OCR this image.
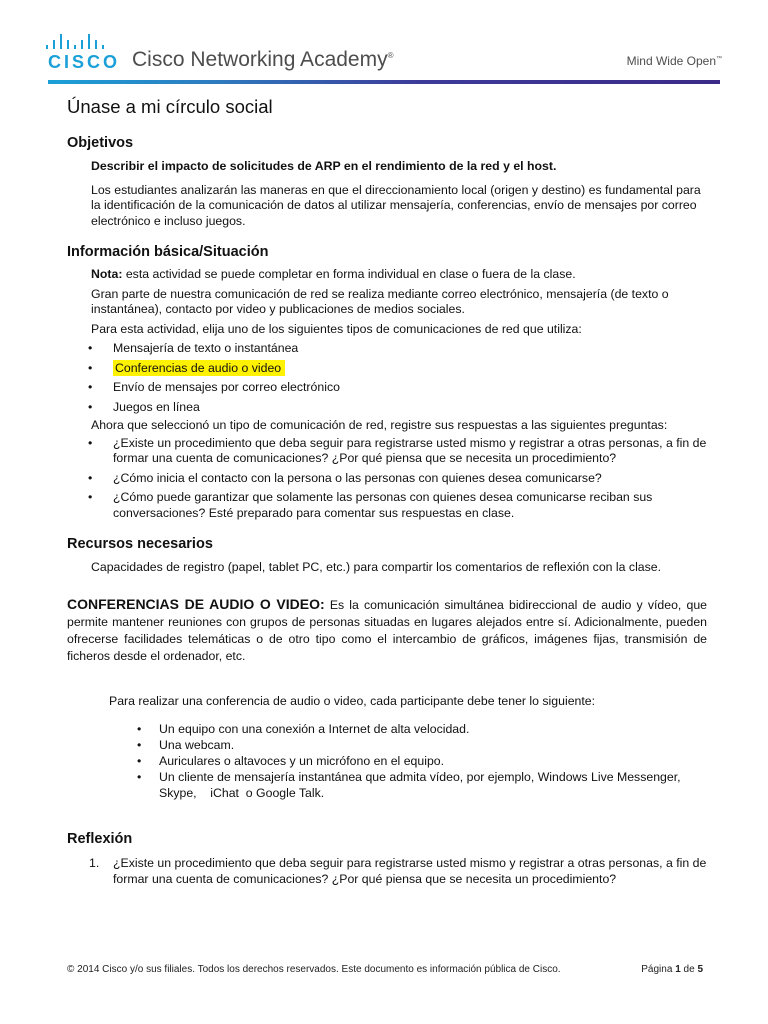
CISCO Cisco Networking Academy®	Mind Wide Open™
Únase a mi círculo social
Objetivos
Describir el impacto de solicitudes de ARP en el rendimiento de la red y el host.
Los estudiantes analizarán las maneras en que el direccionamiento local (origen y destino) es fundamental para la identificación de la comunicación de datos al utilizar mensajería, conferencias, envío de mensajes por correo electrónico e incluso juegos.
Información básica/Situación
Nota: esta actividad se puede completar en forma individual en clase o fuera de la clase.
Gran parte de nuestra comunicación de red se realiza mediante correo electrónico, mensajería (de texto o instantánea), contacto por video y publicaciones de medios sociales.
Para esta actividad, elija uno de los siguientes tipos de comunicaciones de red que utiliza:
• Mensajería de texto o instantánea
• Conferencias de audio o video
• Envío de mensajes por correo electrónico
• Juegos en línea
Ahora que seleccionó un tipo de comunicación de red, registre sus respuestas a las siguientes preguntas:
• ¿Existe un procedimiento que deba seguir para registrarse usted mismo y registrar a otras personas, a fin de formar una cuenta de comunicaciones? ¿Por qué piensa que se necesita un procedimiento?
• ¿Cómo inicia el contacto con la persona o las personas con quienes desea comunicarse?
• ¿Cómo puede garantizar que solamente las personas con quienes desea comunicarse reciban sus conversaciones? Esté preparado para comentar sus respuestas en clase.
Recursos necesarios
Capacidades de registro (papel, tablet PC, etc.) para compartir los comentarios de reflexión con la clase.
CONFERENCIAS DE AUDIO O VIDEO: Es la comunicación simultánea bidireccional de audio y vídeo, que permite mantener reuniones con grupos de personas situadas en lugares alejados entre sí. Adicionalmente, pueden ofrecerse facilidades telemáticas o de otro tipo como el intercambio de gráficos, imágenes fijas, transmisión de ficheros desde el ordenador, etc.
Para realizar una conferencia de audio o video, cada participante debe tener lo siguiente:
• Un equipo con una conexión a Internet de alta velocidad.
• Una webcam.
• Auriculares o altavoces y un micrófono en el equipo.
• Un cliente de mensajería instantánea que admita vídeo, por ejemplo, Windows Live Messenger, Skype,    iChat  o Google Talk.
Reflexión
1. ¿Existe un procedimiento que deba seguir para registrarse usted mismo y registrar a otras personas, a fin de formar una cuenta de comunicaciones? ¿Por qué piensa que se necesita un procedimiento?
© 2014 Cisco y/o sus filiales. Todos los derechos reservados. Este documento es información pública de Cisco.	Página 1 de 5
